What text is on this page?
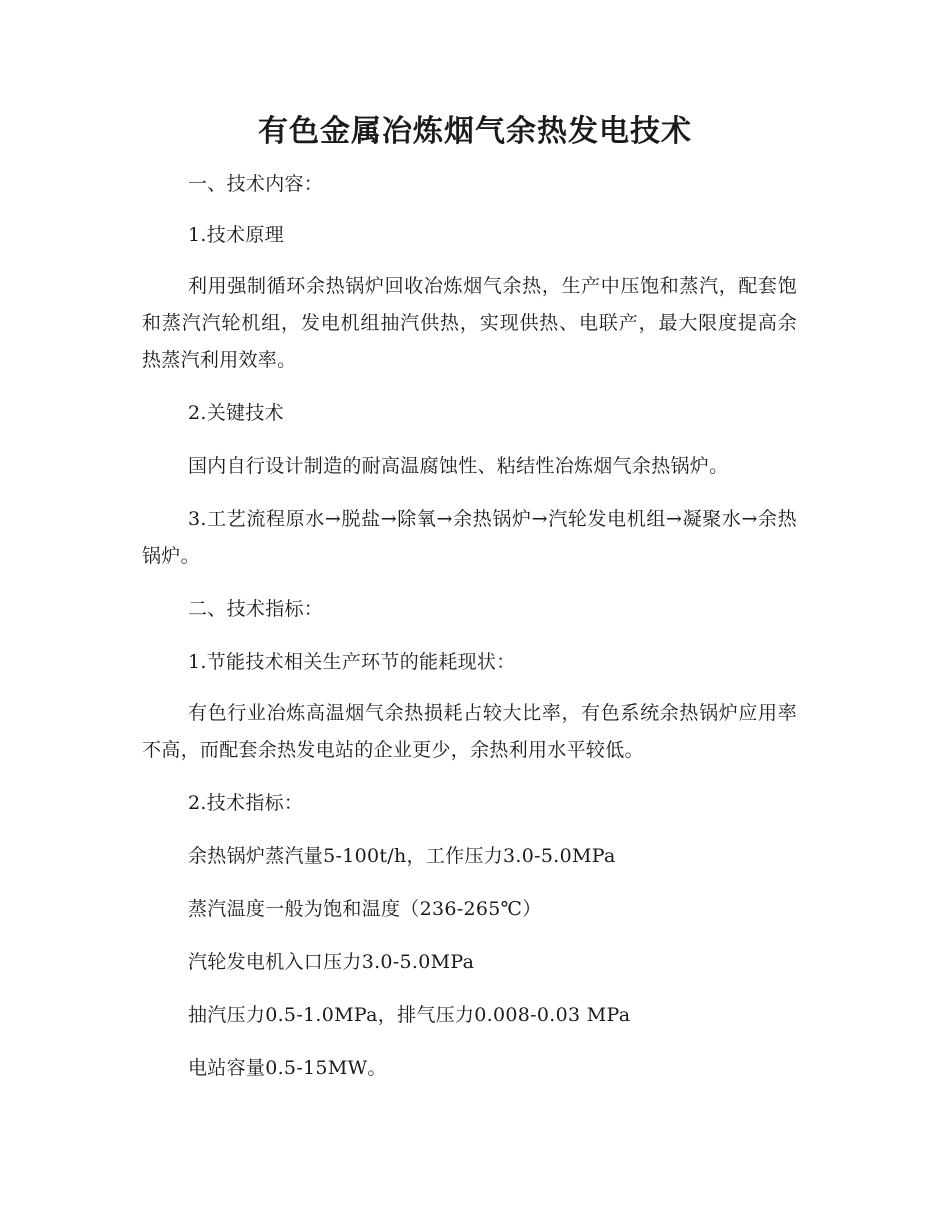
有色金属冶炼烟气余热发电技术

一、技术内容：

1.技术原理

利用强制循环余热锅炉回收冶炼烟气余热，生产中压饱和蒸汽，配套饱和蒸汽汽轮机组，发电机组抽汽供热，实现供热、电联产，最大限度提高余热蒸汽利用效率。

2.关键技术

国内自行设计制造的耐高温腐蚀性、粘结性冶炼烟气余热锅炉。

3.工艺流程原水→脱盐→除氧→余热锅炉→汽轮发电机组→凝聚水→余热锅炉。

二、技术指标：

1.节能技术相关生产环节的能耗现状：

有色行业冶炼高温烟气余热损耗占较大比率，有色系统余热锅炉应用率不高，而配套余热发电站的企业更少，余热利用水平较低。

2.技术指标：

余热锅炉蒸汽量5-100t/h，工作压力3.0-5.0MPa

蒸汽温度一般为饱和温度（236-265℃）

汽轮发电机入口压力3.0-5.0MPa

抽汽压力0.5-1.0MPa，排气压力0.008-0.03 MPa

电站容量0.5-15MW。
